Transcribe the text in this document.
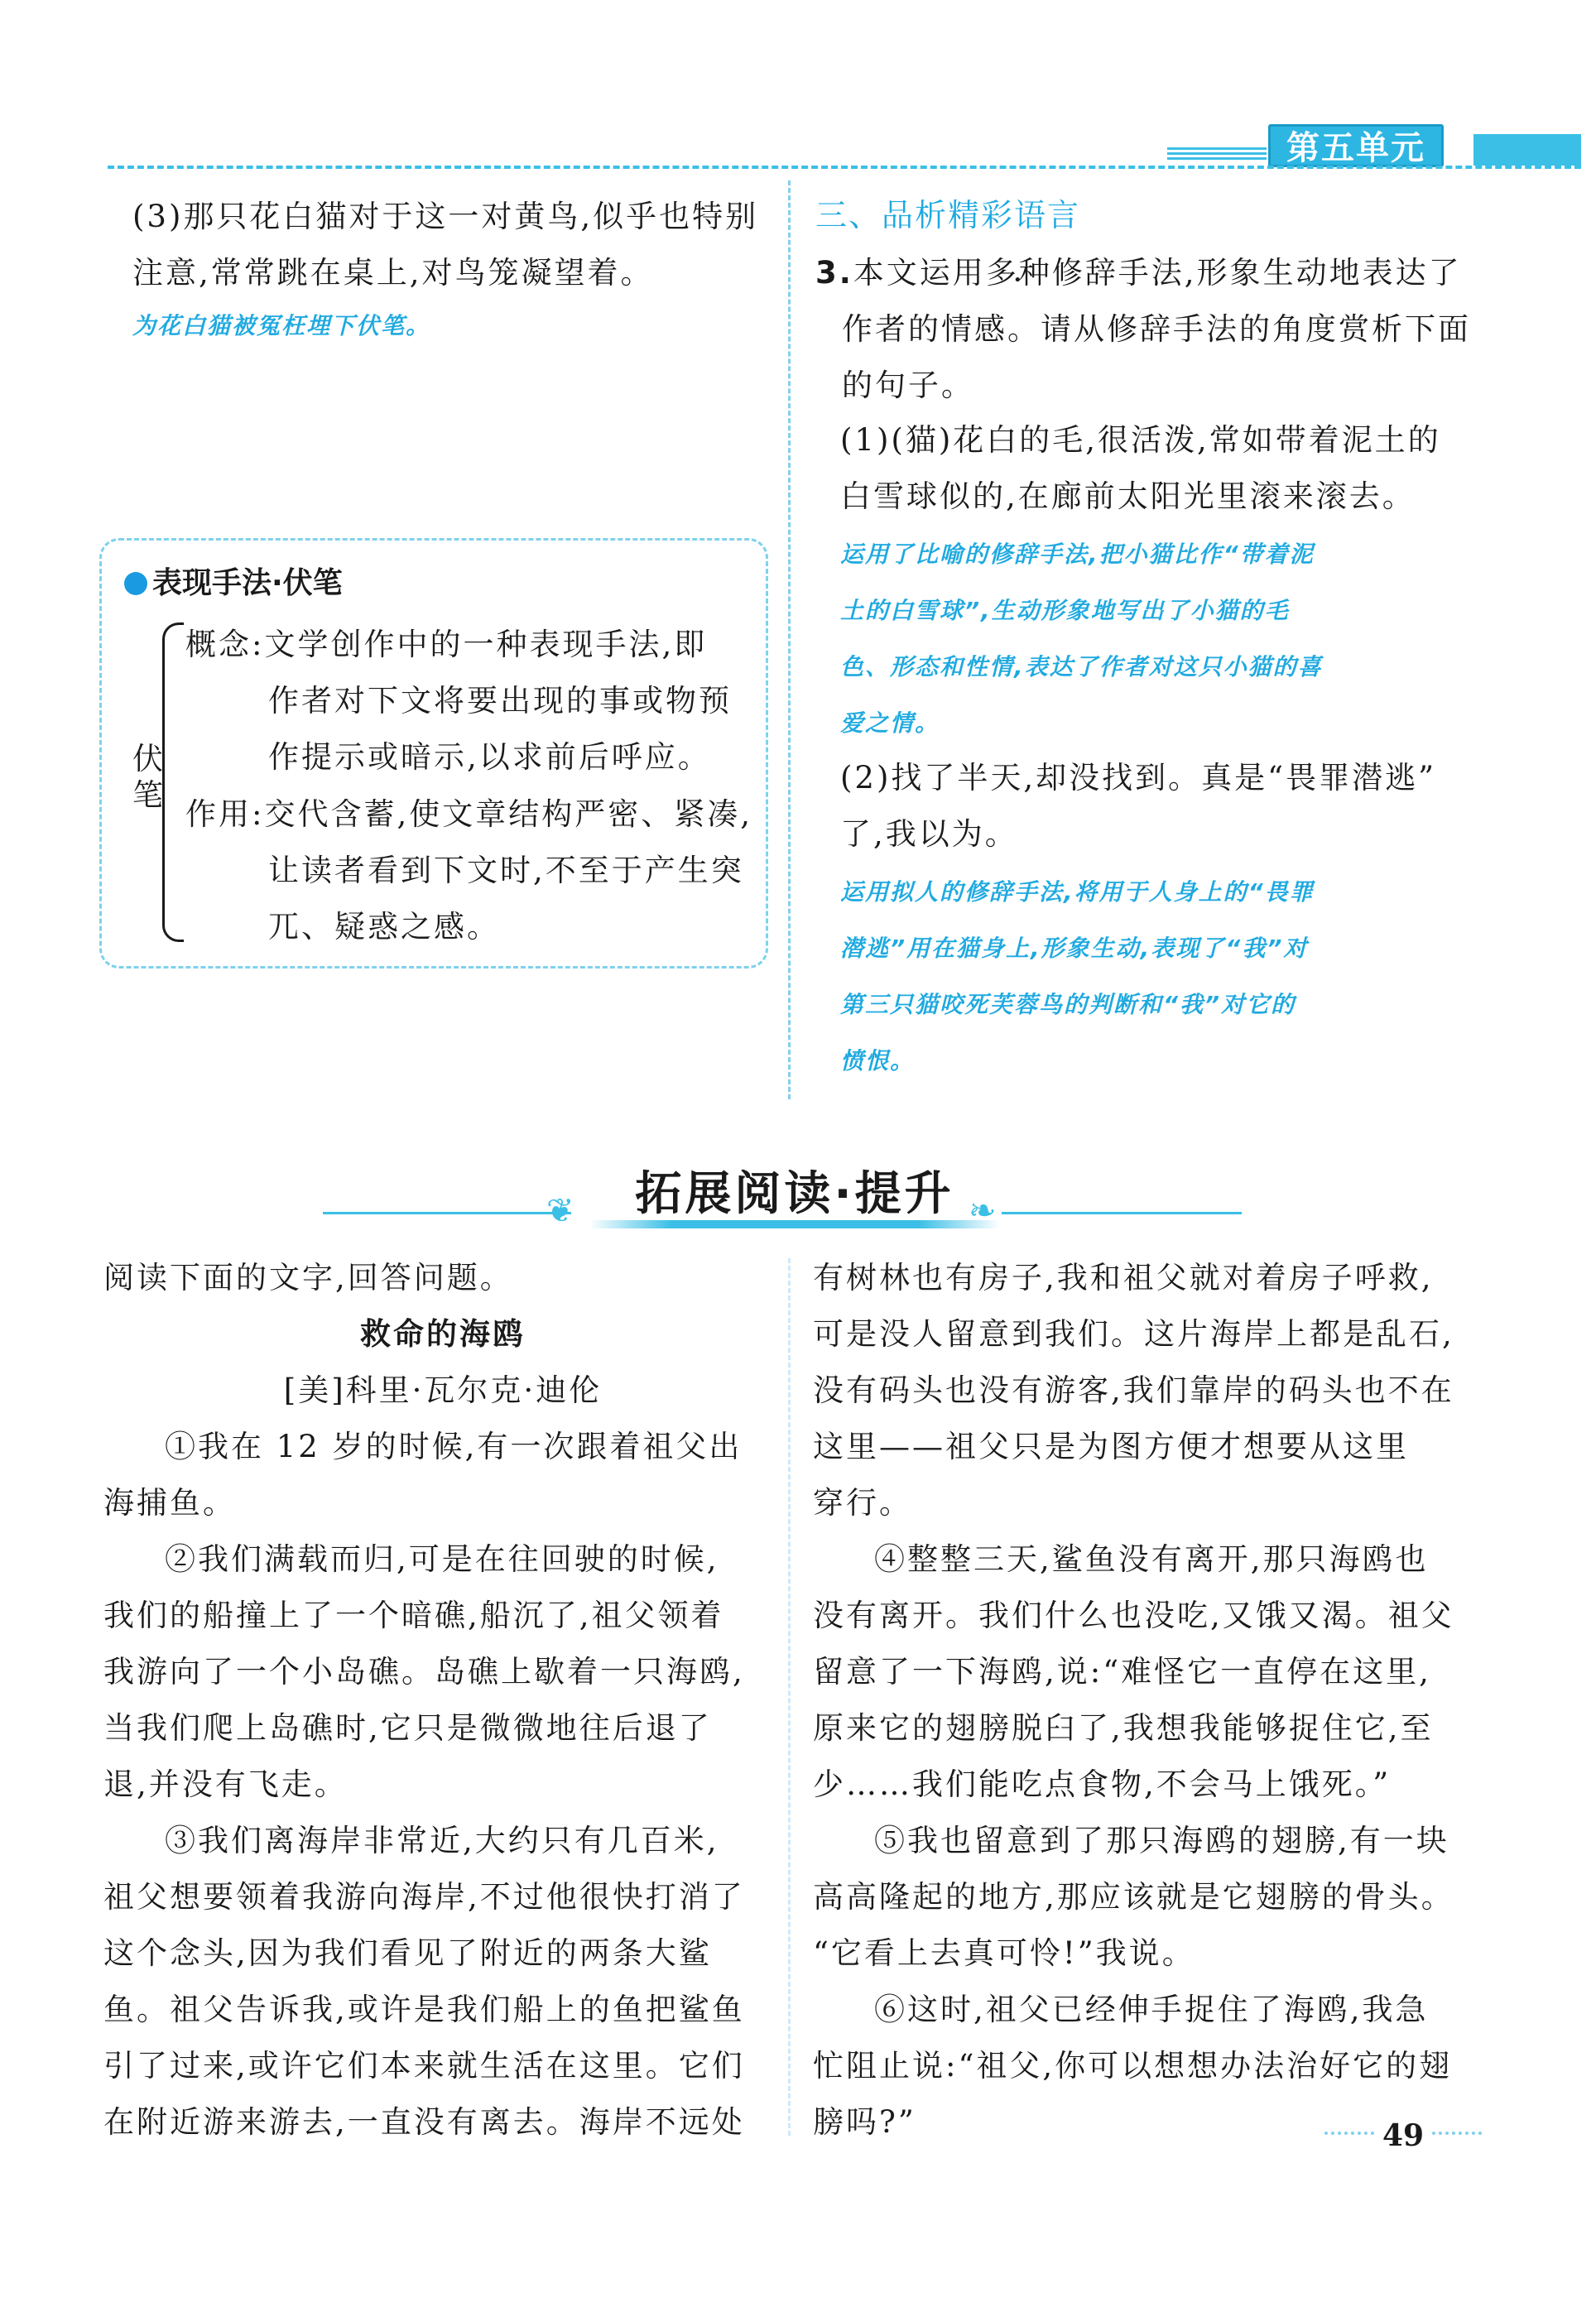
第五单元
(3)那只花白猫对于这一对黄鸟,似乎也特别
注意,常常跳在桌上,对鸟笼凝望着。
为花白猫被冤枉埋下伏笔。
表现手法·伏笔
伏笔
概念:文学创作中的一种表现手法,即
作者对下文将要出现的事或物预
作提示或暗示,以求前后呼应。
作用:交代含蓄,使文章结构严密、紧凑,
让读者看到下文时,不至于产生突
兀、疑惑之感。
三、品析精彩语言
3.本文运用多种 •修辞手法,形象生动地表达了
作者的情感。请从修辞手法的角度赏析下面
的句子。
(1)(猫)花白的毛,很活泼,常如带着泥土的
白雪球似的,在廊前太阳光里滚来滚去。
运用了比喻的修辞手法,把小猫比作“带着泥
土的白雪球”,生动形象地写出了小猫的毛
色、形态和性情,表达了作者对这只小猫的喜
爱之情。
(2)找了半天,却没找到。真是“畏罪潜逃”
了,我以为。
运用拟人的修辞手法,将用于人身上的“畏罪
潜逃”用在猫身上,形象生动,表现了“我”对
第三只猫咬死芙蓉鸟的判断和“我”对它的
愤恨。
❦	拓展阅读·提升 ❧
阅读下面的文字,回答问题。
救命的海鸥
[美]科里·瓦尔克·迪伦
①我在 12 岁的时候,有一次跟着祖父出
海捕鱼。
②我们满载而归,可是在往回驶的时候,
我们的船撞上了一个暗礁,船沉了,祖父领着
我游向了一个小岛礁。岛礁上歇着一只海鸥,
当我们爬上岛礁时,它只是微微地往后退了
退,并没有飞走。
③我们离海岸非常近,大约只有几百米,
祖父想要领着我游向海岸,不过他很快打消了
这个念头,因为我们看见了附近的两条大鲨
鱼。祖父告诉我,或许是我们船上的鱼把鲨鱼
引了过来,或许它们本来就生活在这里。它们
在附近游来游去,一直没有离去。海岸不远处
有树林也有房子,我和祖父就对着房子呼救,
可是没人留意到我们。这片海岸上都是乱石,
没有码头也没有游客,我们靠岸的码头也不在
这里——祖父只是为图方便才想要从这里
穿行。
④整整三天,鲨鱼没有离开,那只海鸥也
没有离开。我们什么也没吃,又饿又渴。祖父
留意了一下海鸥,说:“难怪它一直停在这里,
原来它的翅膀脱臼了,我想我能够捉住它,至
少……我们能吃点食物,不会马上饿死。”
⑤我也留意到了那只海鸥的翅膀,有一块
高高隆起的地方,那应该就是它翅膀的骨头。
“它看上去真可怜!”我说。
⑥这时,祖父已经伸手捉住了海鸥,我急
忙阻止说:“祖父,你可以想想办法治好它的翅
膀吗?”	49
